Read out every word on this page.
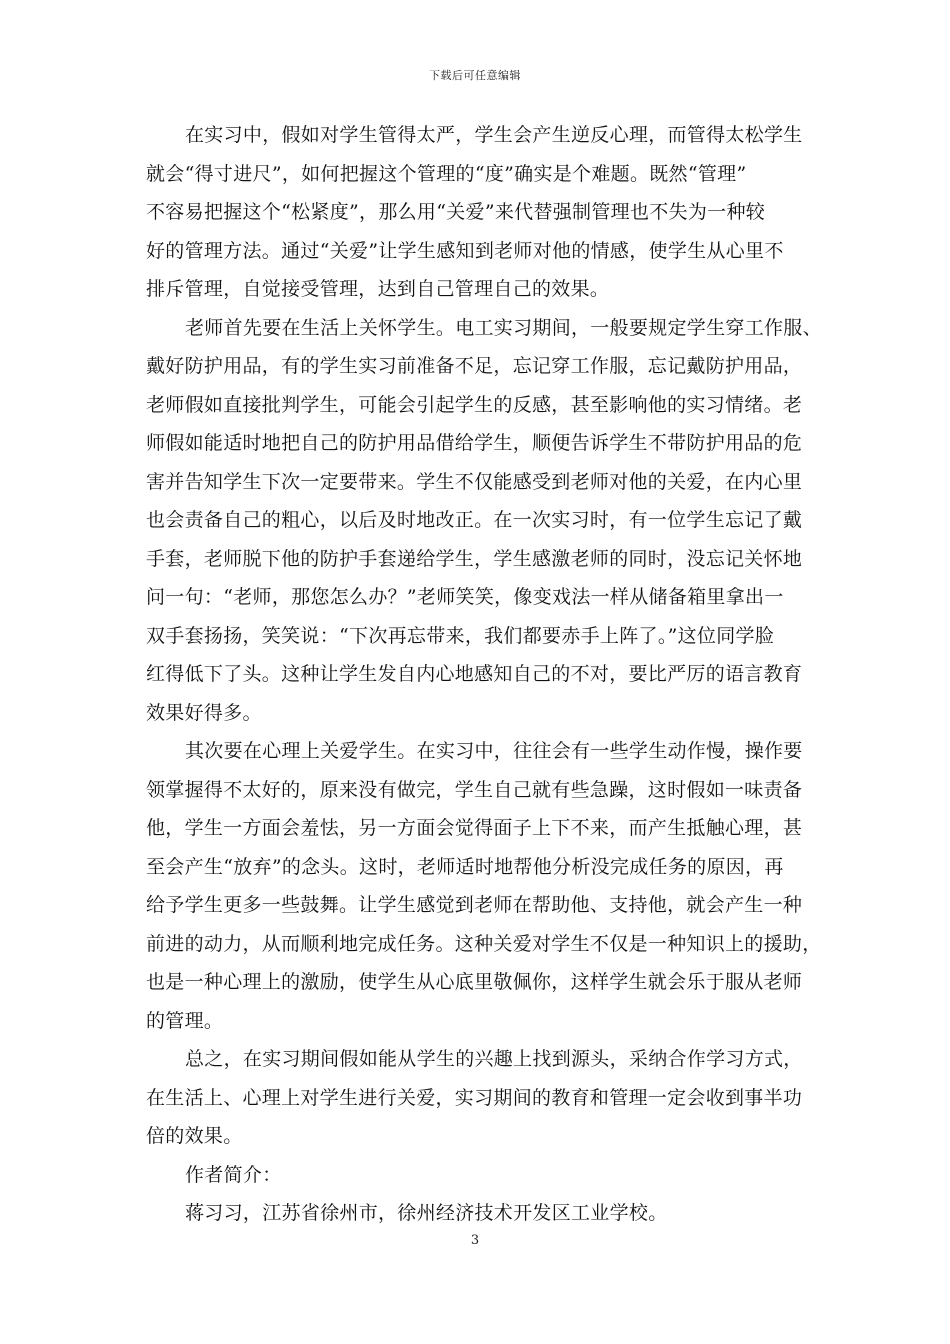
下载后可任意编辑
在实习中，假如对学生管得太严，学生会产生逆反心理，而管得太松学生
就会“得寸进尺”，如何把握这个管理的“度”确实是个难题。既然“管理”
不容易把握这个“松紧度”，那么用“关爱”来代替强制管理也不失为一种较
好的管理方法。通过“关爱”让学生感知到老师对他的情感，使学生从心里不
排斥管理，自觉接受管理，达到自己管理自己的效果。
老师首先要在生活上关怀学生。电工实习期间，一般要规定学生穿工作服、
戴好防护用品，有的学生实习前准备不足，忘记穿工作服，忘记戴防护用品，
老师假如直接批判学生，可能会引起学生的反感，甚至影响他的实习情绪。老
师假如能适时地把自己的防护用品借给学生，顺便告诉学生不带防护用品的危
害并告知学生下次一定要带来。学生不仅能感受到老师对他的关爱，在内心里
也会责备自己的粗心，以后及时地改正。在一次实习时，有一位学生忘记了戴
手套，老师脱下他的防护手套递给学生，学生感激老师的同时，没忘记关怀地
问一句：“老师，那您怎么办？”老师笑笑，像变戏法一样从储备箱里拿出一
双手套扬扬，笑笑说：“下次再忘带来，我们都要赤手上阵了。”这位同学脸
红得低下了头。这种让学生发自内心地感知自己的不对，要比严厉的语言教育
效果好得多。
其次要在心理上关爱学生。在实习中，往往会有一些学生动作慢，操作要
领掌握得不太好的，原来没有做完，学生自己就有些急躁，这时假如一味责备
他，学生一方面会羞怯，另一方面会觉得面子上下不来，而产生抵触心理，甚
至会产生“放弃”的念头。这时，老师适时地帮他分析没完成任务的原因，再
给予学生更多一些鼓舞。让学生感觉到老师在帮助他、支持他，就会产生一种
前进的动力，从而顺利地完成任务。这种关爱对学生不仅是一种知识上的援助，
也是一种心理上的激励，使学生从心底里敬佩你，这样学生就会乐于服从老师
的管理。
总之，在实习期间假如能从学生的兴趣上找到源头，采纳合作学习方式，
在生活上、心理上对学生进行关爱，实习期间的教育和管理一定会收到事半功
倍的效果。
作者简介：
蒋习习，江苏省徐州市，徐州经济技术开发区工业学校。
3
